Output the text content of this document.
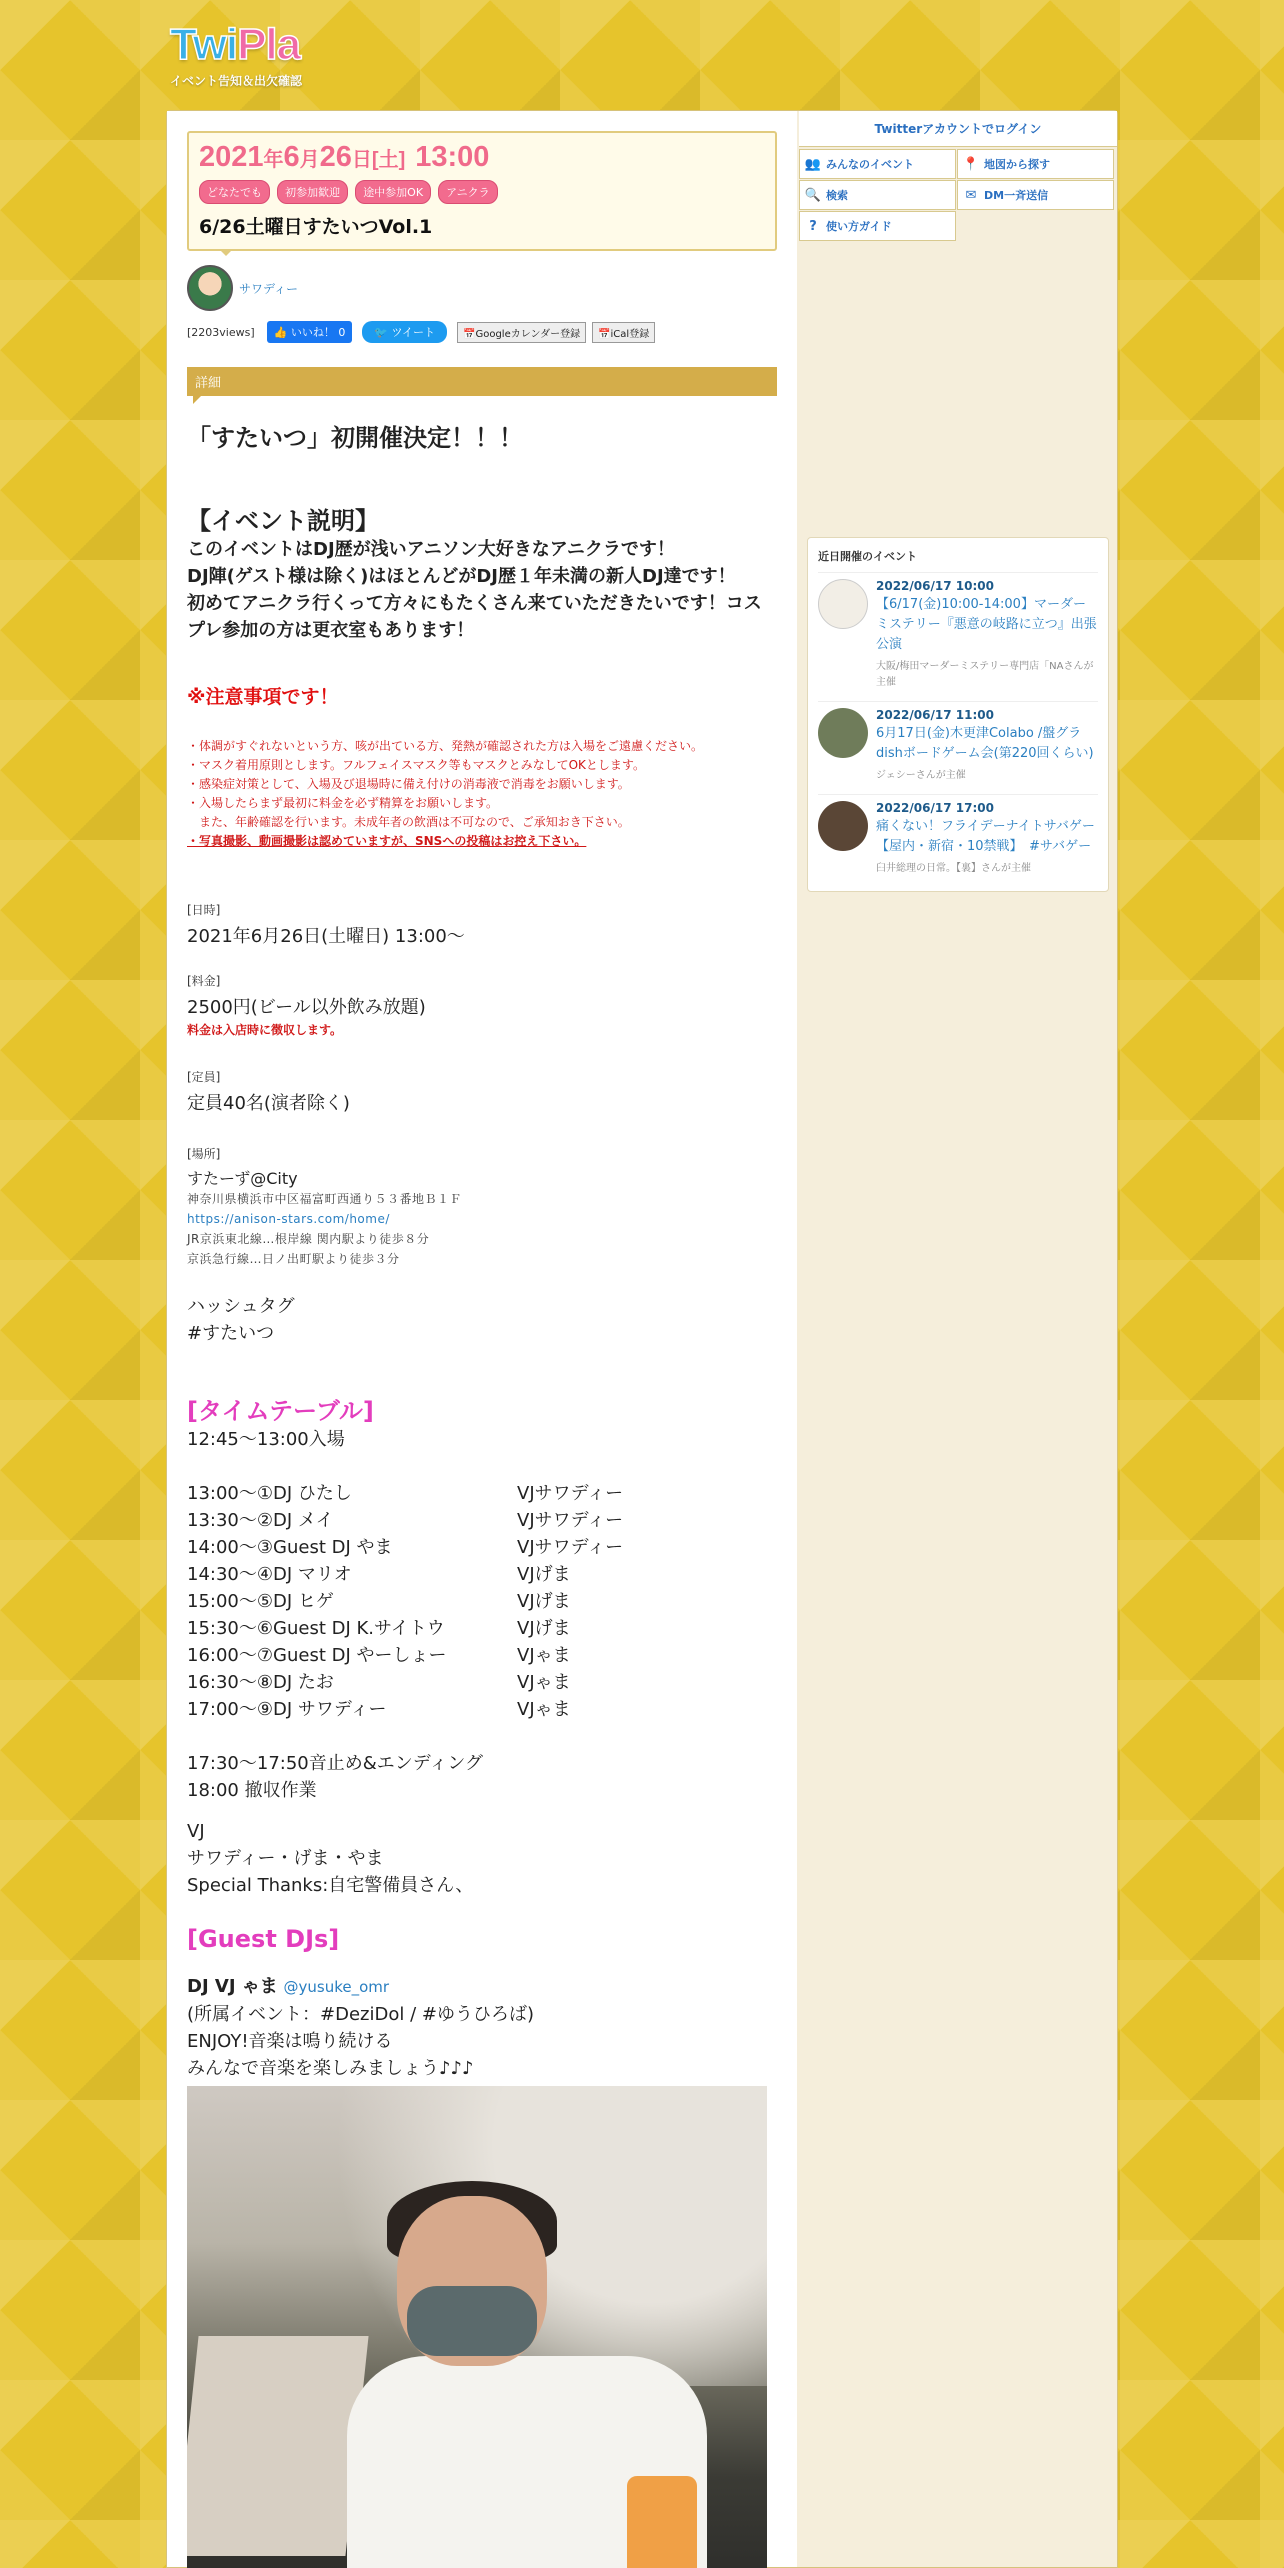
TwiPla
イベント告知＆出欠確認
2021年6月26日[土] 13:00
どなたでも 初参加歓迎 途中参加OK アニクラ
6/26土曜日すたいつVol.1
サワディー
[2203views]	👍 いいね！ 0	🐦 ツイート	📅Googleカレンダー登録	📅iCal登録
詳細
「すたいつ」初開催決定！！！
【イベント説明】
このイベントはDJ歴が浅いアニソン大好きなアニクラです！
DJ陣(ゲスト様は除く)はほとんどがDJ歴１年未満の新人DJ達です！
初めてアニクラ行くって方々にもたくさん来ていただきたいです！コス
プレ参加の方は更衣室もあります！
※注意事項です！
・体調がすぐれないという方、咳が出ている方、発熱が確認された方は入場をご遠慮ください。
・マスク着用原則とします。フルフェイスマスク等もマスクとみなしてOKとします。
・感染症対策として、入場及び退場時に備え付けの消毒液で消毒をお願いします。
・入場したらまず最初に料金を必ず精算をお願いします。
　また、年齢確認を行います。未成年者の飲酒は不可なので、ご承知おき下さい。
・写真撮影、動画撮影は認めていますが、SNSへの投稿はお控え下さい。
[日時]
2021年6月26日(土曜日) 13:00〜
[料金]
2500円(ビール以外飲み放題)
料金は入店時に徴収します。
[定員]
定員40名(演者除く)
[場所]
すたーず@City
神奈川県横浜市中区福富町西通り５３番地Ｂ１Ｆ
https://anison-stars.com/home/
JR京浜東北線…根岸線 関内駅より徒歩８分
京浜急行線…日ノ出町駅より徒歩３分
ハッシュタグ
#すたいつ
[タイムテーブル]
12:45〜13:00入場
13:00〜①DJ ひたし	VJサワディー
13:30〜②DJ メイ	VJサワディー
14:00〜③Guest DJ やま	VJサワディー
14:30〜④DJ マリオ	VJげま
15:00〜⑤DJ ヒゲ	VJげま
15:30〜⑥Guest DJ K.サイトウ	VJげま
16:00〜⑦Guest DJ やーしょー	VJゃま
16:30〜⑧DJ たお	VJゃま
17:00〜⑨DJ サワディー	VJゃま
17:30〜17:50音止め&エンディング
18:00 撤収作業
VJ
サワディー・げま・やま
Special Thanks:自宅警備員さん、
[Guest DJs]
DJ VJ ゃま @yusuke_omr
(所属イベント：#DeziDol / #ゆうひろば)
ENJOY!音楽は鳴り続ける
みんなで音楽を楽しみましょう♪♪♪
Twitterアカウントでログイン
👥 みんなのイベント	📍 地図から探す
🔍 検索	✉ DM一斉送信
? 使い方ガイド
近日開催のイベント
2022/06/17 10:00
【6/17(金)10:00-14:00】マーダーミステリー『悪意の岐路に立つ』出張公演
大阪/梅田マーダーミステリー専門店「NAさんが主催
2022/06/17 11:00
6月17日(金)木更津Colabo /盤グラdishボードゲーム会(第220回くらい)
ジェシーさんが主催
2022/06/17 17:00
痛くない！フライデーナイトサバゲー【屋内・新宿・10禁戦】　#サバゲー
臼井総理の日常。【裏】さんが主催
